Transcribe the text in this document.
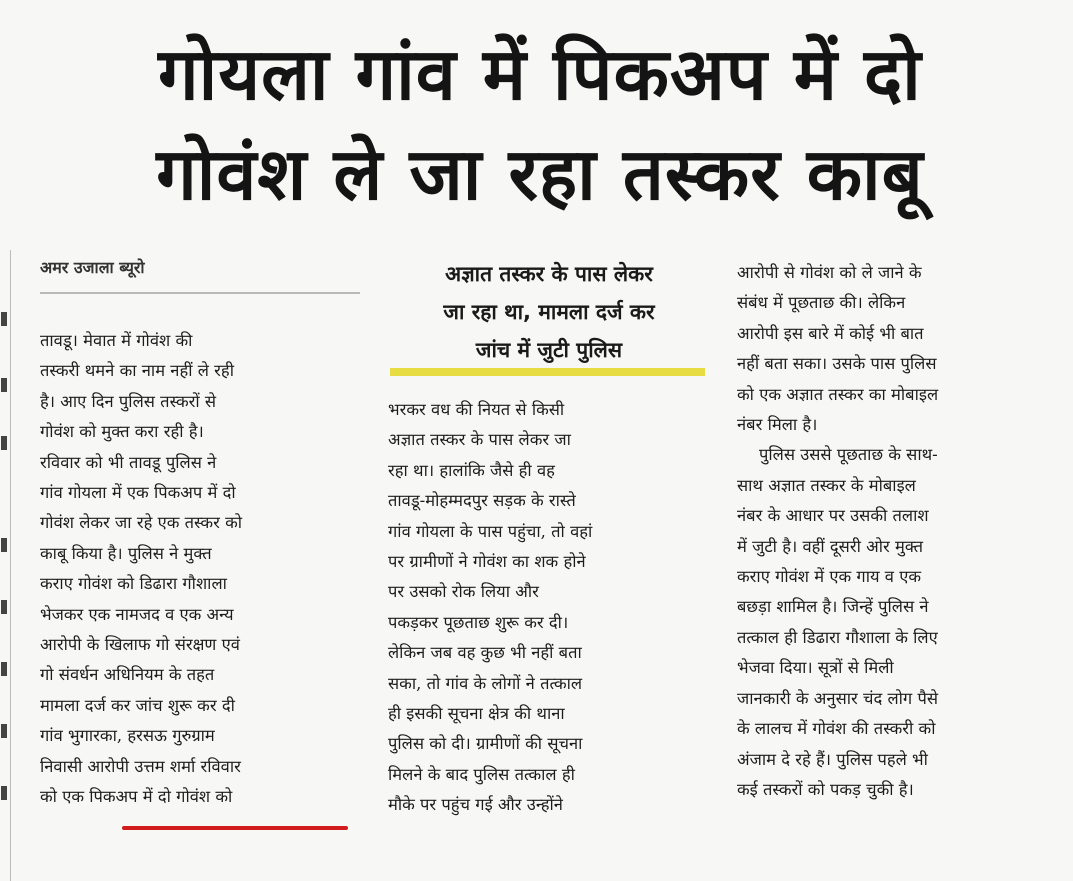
गोयला गांव में पिकअप में दो
गोवंश ले जा रहा तस्कर काबू
अमर उजाला ब्यूरो	अज्ञात तस्कर के पास लेकर
जा रहा था, मामला दर्ज कर
जांच में जुटी पुलिस

तावडू। मेवात में गोवंश की

तस्करी थमने का नाम नहीं ले रही

है। आए दिन पुलिस तस्करों से

गोवंश को मुक्त करा रही है।

रविवार को भी तावडू पुलिस ने

गांव गोयला में एक पिकअप में दो

गोवंश लेकर जा रहे एक तस्कर को

काबू किया है। पुलिस ने मुक्त

कराए गोवंश को डिढारा गौशाला

भेजकर एक नामजद व एक अन्य

आरोपी के खिलाफ गो संरक्षण एवं

गो संवर्धन अधिनियम के तहत

मामला दर्ज कर जांच शुरू कर दी

गांव भुगारका, हरसऊ गुरुग्राम

निवासी आरोपी उत्तम शर्मा रविवार

को एक पिकअप में दो गोवंश को

भरकर वध की नियत से किसी

अज्ञात तस्कर के पास लेकर जा

रहा था। हालांकि जैसे ही वह

तावडू-मोहम्मदपुर सड़क के रास्ते

गांव गोयला के पास पहुंचा, तो वहां

पर ग्रामीणों ने गोवंश का शक होने

पर उसको रोक लिया और

पकड़कर पूछताछ शुरू कर दी।

लेकिन जब वह कुछ भी नहीं बता

सका, तो गांव के लोगों ने तत्काल

ही इसकी सूचना क्षेत्र की थाना

पुलिस को दी। ग्रामीणों की सूचना

मिलने के बाद पुलिस तत्काल ही

मौके पर पहुंच गई और उन्होंने

आरोपी से गोवंश को ले जाने के

संबंध में पूछताछ की। लेकिन

आरोपी इस बारे में कोई भी बात

नहीं बता सका। उसके पास पुलिस

को एक अज्ञात तस्कर का मोबाइल

नंबर मिला है।

पुलिस उससे पूछताछ के साथ-

साथ अज्ञात तस्कर के मोबाइल

नंबर के आधार पर उसकी तलाश

में जुटी है। वहीं दूसरी ओर मुक्त

कराए गोवंश में एक गाय व एक

बछड़ा शामिल है। जिन्हें पुलिस ने

तत्काल ही डिढारा गौशाला के लिए

भेजवा दिया। सूत्रों से मिली

जानकारी के अनुसार चंद लोग पैसे

के लालच में गोवंश की तस्करी को

अंजाम दे रहे हैं। पुलिस पहले भी

कई तस्करों को पकड़ चुकी है।
